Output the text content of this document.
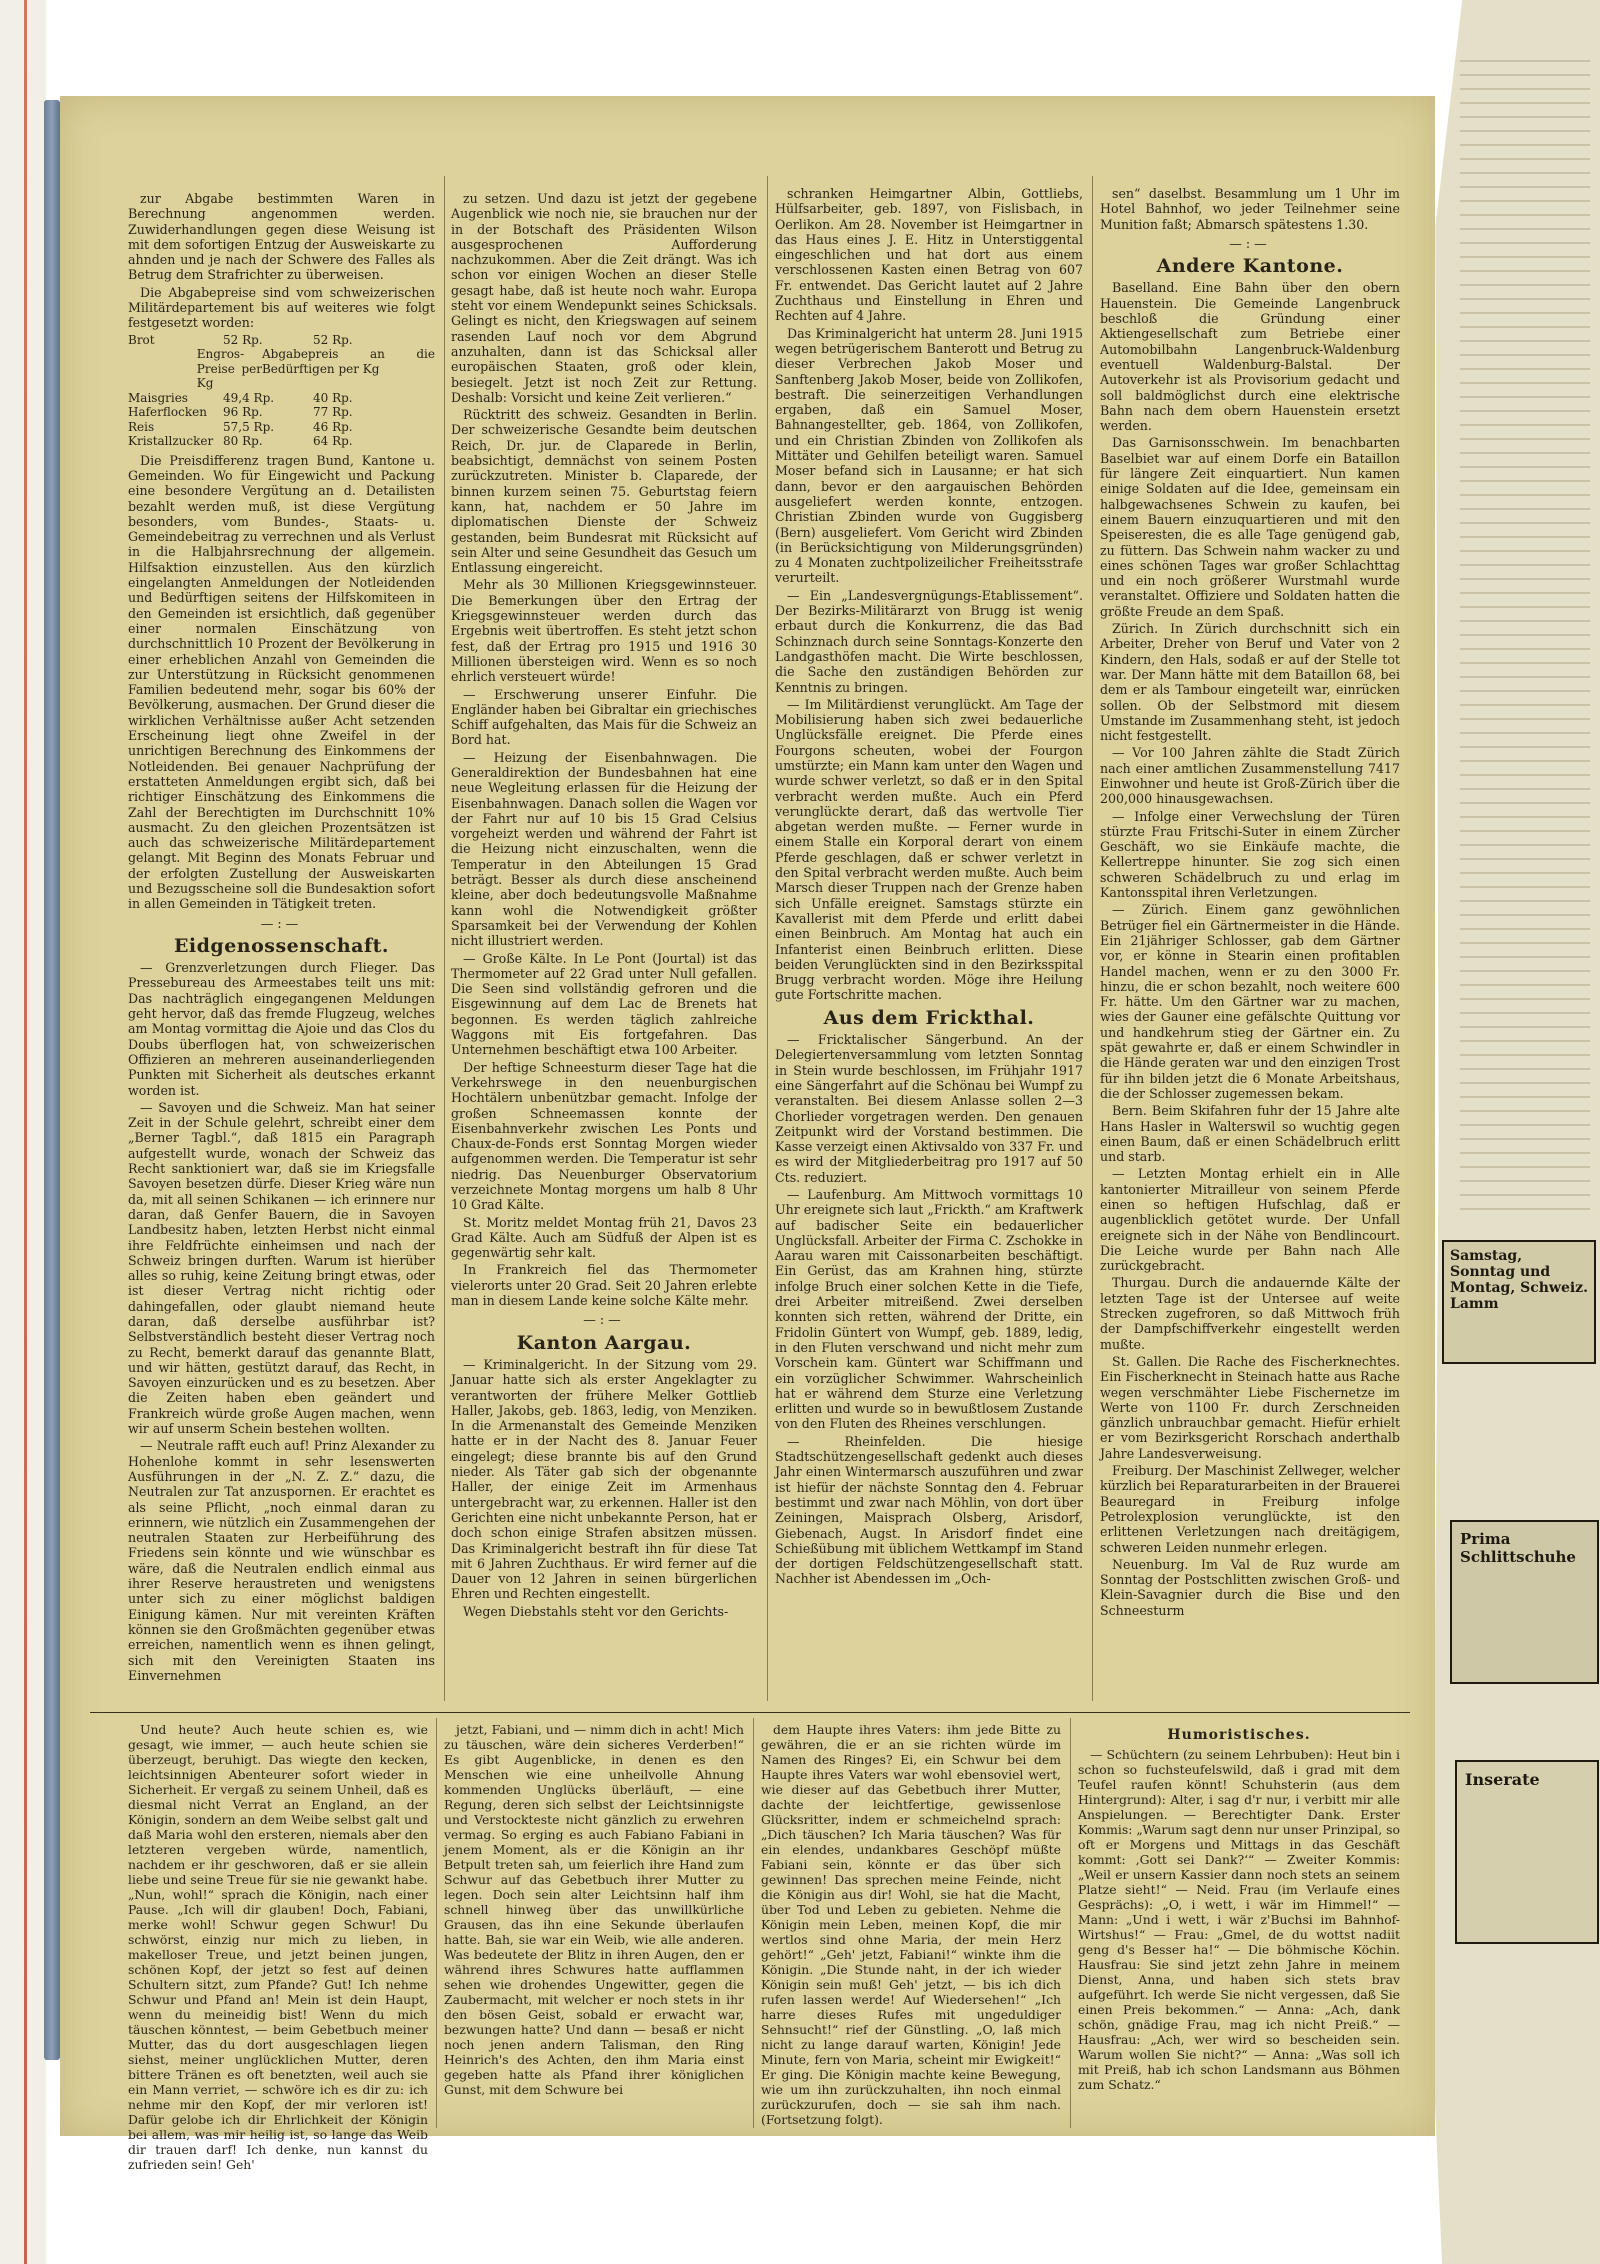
Samstag, Sonntag und Montag, Schweiz. Lamm
Prima Schlittschuhe
Inserate

zur Abgabe bestimmten Waren in Berechnung angenommen werden. Zuwiderhandlungen gegen diese Weisung ist mit dem sofortigen Entzug der Ausweiskarte zu ahnden und je nach der Schwere des Falles als Betrug dem Strafrichter zu überweisen.

Die Abgabepreise sind vom schweizerischen Militärdepartement bis auf weiteres wie folgt festgesetzt worden:

Brot	52 Rp.	52 Rp.
Engros-Preise per Kg
Abgabepreis an die Bedürftigen per Kg
Maisgries	49,4 Rp.	40 Rp.
Haferflocken	96 Rp.	77 Rp.
Reis	57,5 Rp.	46 Rp.
Kristallzucker 80 Rp.	64 Rp.

Die Preisdifferenz tragen Bund, Kantone u. Gemeinden. Wo für Eingewicht und Packung eine besondere Vergütung an d. Detailisten bezahlt werden muß, ist diese Vergütung besonders, vom Bundes-, Staats- u. Gemeindebeitrag zu verrechnen und als Verlust in die Halbjahrsrechnung der allgemein. Hilfsaktion einzustellen. Aus den kürzlich eingelangten Anmeldungen der Notleidenden und Bedürftigen seitens der Hilfskomiteen in den Gemeinden ist ersichtlich, daß gegenüber einer normalen Einschätzung von durchschnittlich 10 Prozent der Bevölkerung in einer erheblichen Anzahl von Gemeinden die zur Unterstützung in Rücksicht genommenen Familien bedeutend mehr, sogar bis 60% der Bevölkerung, ausmachen. Der Grund dieser die wirklichen Verhältnisse außer Acht setzenden Erscheinung liegt ohne Zweifel in der unrichtigen Berechnung des Einkommens der Notleidenden. Bei genauer Nachprüfung der erstatteten Anmeldungen ergibt sich, daß bei richtiger Einschätzung des Einkommens die Zahl der Berechtigten im Durchschnitt 10% ausmacht. Zu den gleichen Prozentsätzen ist auch das schweizerische Militärdepartement gelangt. Mit Beginn des Monats Februar und der erfolgten Zustellung der Ausweiskarten und Bezugsscheine soll die Bundesaktion sofort in allen Gemeinden in Tätigkeit treten.

—:—

Eidgenossenschaft.

— Grenzverletzungen durch Flieger. Das Pressebureau des Armeestabes teilt uns mit: Das nachträglich eingegangenen Meldungen geht hervor, daß das fremde Flugzeug, welches am Montag vormittag die Ajoie und das Clos du Doubs überflogen hat, von schweizerischen Offizieren an mehreren auseinanderliegenden Punkten mit Sicherheit als deutsches erkannt worden ist.

— Savoyen und die Schweiz. Man hat seiner Zeit in der Schule gelehrt, schreibt einer dem „Berner Tagbl.“, daß 1815 ein Paragraph aufgestellt wurde, wonach der Schweiz das Recht sanktioniert war, daß sie im Kriegsfalle Savoyen besetzen dürfe. Dieser Krieg wäre nun da, mit all seinen Schikanen — ich erinnere nur daran, daß Genfer Bauern, die in Savoyen Landbesitz haben, letzten Herbst nicht einmal ihre Feldfrüchte einheimsen und nach der Schweiz bringen durften. Warum ist hierüber alles so ruhig, keine Zeitung bringt etwas, oder ist dieser Vertrag nicht richtig oder dahingefallen, oder glaubt niemand heute daran, daß derselbe ausführbar ist? Selbstverständlich besteht dieser Vertrag noch zu Recht, bemerkt darauf das genannte Blatt, und wir hätten, gestützt darauf, das Recht, in Savoyen einzurücken und es zu besetzen. Aber die Zeiten haben eben geändert und Frankreich würde große Augen machen, wenn wir auf unserm Schein bestehen wollten.

— Neutrale rafft euch auf! Prinz Alexander zu Hohenlohe kommt in sehr lesenswerten Ausführungen in der „N. Z. Z.“ dazu, die Neutralen zur Tat anzuspornen. Er erachtet es als seine Pflicht, „noch einmal daran zu erinnern, wie nützlich ein Zusammengehen der neutralen Staaten zur Herbeiführung des Friedens sein könnte und wie wünschbar es wäre, daß die Neutralen endlich einmal aus ihrer Reserve heraustreten und wenigstens unter sich zu einer möglichst baldigen Einigung kämen. Nur mit vereinten Kräften können sie den Großmächten gegenüber etwas erreichen, namentlich wenn es ihnen gelingt, sich mit den Vereinigten Staaten ins Einvernehmen

zu setzen. Und dazu ist jetzt der gegebene Augenblick wie noch nie, sie brauchen nur der in der Botschaft des Präsidenten Wilson ausgesprochenen Aufforderung nachzukommen. Aber die Zeit drängt. Was ich schon vor einigen Wochen an dieser Stelle gesagt habe, daß ist heute noch wahr. Europa steht vor einem Wendepunkt seines Schicksals. Gelingt es nicht, den Kriegswagen auf seinem rasenden Lauf noch vor dem Abgrund anzuhalten, dann ist das Schicksal aller europäischen Staaten, groß oder klein, besiegelt. Jetzt ist noch Zeit zur Rettung. Deshalb: Vorsicht und keine Zeit verlieren.“

Rücktritt des schweiz. Gesandten in Berlin. Der schweizerische Gesandte beim deutschen Reich, Dr. jur. de Claparede in Berlin, beabsichtigt, demnächst von seinem Posten zurückzutreten. Minister b. Claparede, der binnen kurzem seinen 75. Geburtstag feiern kann, hat, nachdem er 50 Jahre im diplomatischen Dienste der Schweiz gestanden, beim Bundesrat mit Rücksicht auf sein Alter und seine Gesundheit das Gesuch um Entlassung eingereicht.

Mehr als 30 Millionen Kriegsgewinnsteuer. Die Bemerkungen über den Ertrag der Kriegsgewinnsteuer werden durch das Ergebnis weit übertroffen. Es steht jetzt schon fest, daß der Ertrag pro 1915 und 1916 30 Millionen übersteigen wird. Wenn es so noch ehrlich versteuert würde!

— Erschwerung unserer Einfuhr. Die Engländer haben bei Gibraltar ein griechisches Schiff aufgehalten, das Mais für die Schweiz an Bord hat.

— Heizung der Eisenbahnwagen. Die Generaldirektion der Bundesbahnen hat eine neue Wegleitung erlassen für die Heizung der Eisenbahnwagen. Danach sollen die Wagen vor der Fahrt nur auf 10 bis 15 Grad Celsius vorgeheizt werden und während der Fahrt ist die Heizung nicht einzuschalten, wenn die Temperatur in den Abteilungen 15 Grad beträgt. Besser als durch diese anscheinend kleine, aber doch bedeutungsvolle Maßnahme kann wohl die Notwendigkeit größter Sparsamkeit bei der Verwendung der Kohlen nicht illustriert werden.

— Große Kälte. In Le Pont (Jourtal) ist das Thermometer auf 22 Grad unter Null gefallen. Die Seen sind vollständig gefroren und die Eisgewinnung auf dem Lac de Brenets hat begonnen. Es werden täglich zahlreiche Waggons mit Eis fortgefahren. Das Unternehmen beschäftigt etwa 100 Arbeiter.

Der heftige Schneesturm dieser Tage hat die Verkehrswege in den neuenburgischen Hochtälern unbenützbar gemacht. Infolge der großen Schneemassen konnte der Eisenbahnverkehr zwischen Les Ponts und Chaux-de-Fonds erst Sonntag Morgen wieder aufgenommen werden. Die Temperatur ist sehr niedrig. Das Neuenburger Observatorium verzeichnete Montag morgens um halb 8 Uhr 10 Grad Kälte.

St. Moritz meldet Montag früh 21, Davos 23 Grad Kälte. Auch am Südfuß der Alpen ist es gegenwärtig sehr kalt.

In Frankreich fiel das Thermometer vielerorts unter 20 Grad. Seit 20 Jahren erlebte man in diesem Lande keine solche Kälte mehr.

—:—

Kanton Aargau.

— Kriminalgericht. In der Sitzung vom 29. Januar hatte sich als erster Angeklagter zu verantworten der frühere Melker Gottlieb Haller, Jakobs, geb. 1863, ledig, von Menziken. In die Armenanstalt des Gemeinde Menziken hatte er in der Nacht des 8. Januar Feuer eingelegt; diese brannte bis auf den Grund nieder. Als Täter gab sich der obgenannte Haller, der einige Zeit im Armenhaus untergebracht war, zu erkennen. Haller ist den Gerichten eine nicht unbekannte Person, hat er doch schon einige Strafen absitzen müssen. Das Kriminalgericht bestraft ihn für diese Tat mit 6 Jahren Zuchthaus. Er wird ferner auf die Dauer von 12 Jahren in seinen bürgerlichen Ehren und Rechten eingestellt.

Wegen Diebstahls steht vor den Gerichts-

schranken Heimgartner Albin, Gottliebs, Hülfsarbeiter, geb. 1897, von Fislisbach, in Oerlikon. Am 28. November ist Heimgartner in das Haus eines J. E. Hitz in Unterstiggental eingeschlichen und hat dort aus einem verschlossenen Kasten einen Betrag von 607 Fr. entwendet. Das Gericht lautet auf 2 Jahre Zuchthaus und Einstellung in Ehren und Rechten auf 4 Jahre.

Das Kriminalgericht hat unterm 28. Juni 1915 wegen betrügerischem Banterott und Betrug zu dieser Verbrechen Jakob Moser und Sanftenberg Jakob Moser, beide von Zollikofen, bestraft. Die seinerzeitigen Verhandlungen ergaben, daß ein Samuel Moser, Bahnangestellter, geb. 1864, von Zollikofen, und ein Christian Zbinden von Zollikofen als Mittäter und Gehilfen beteiligt waren. Samuel Moser befand sich in Lausanne; er hat sich dann, bevor er den aargauischen Behörden ausgeliefert werden konnte, entzogen. Christian Zbinden wurde von Guggisberg (Bern) ausgeliefert. Vom Gericht wird Zbinden (in Berücksichtigung von Milderungsgründen) zu 4 Monaten zuchtpolizeilicher Freiheitsstrafe verurteilt.

— Ein „Landesvergnügungs-Etablissement“. Der Bezirks-Militärarzt von Brugg ist wenig erbaut durch die Konkurrenz, die das Bad Schinznach durch seine Sonntags-Konzerte den Landgasthöfen macht. Die Wirte beschlossen, die Sache den zuständigen Behörden zur Kenntnis zu bringen.

— Im Militärdienst verunglückt. Am Tage der Mobilisierung haben sich zwei bedauerliche Unglücksfälle ereignet. Die Pferde eines Fourgons scheuten, wobei der Fourgon umstürzte; ein Mann kam unter den Wagen und wurde schwer verletzt, so daß er in den Spital verbracht werden mußte. Auch ein Pferd verunglückte derart, daß das wertvolle Tier abgetan werden mußte. — Ferner wurde in einem Stalle ein Korporal derart von einem Pferde geschlagen, daß er schwer verletzt in den Spital verbracht werden mußte. Auch beim Marsch dieser Truppen nach der Grenze haben sich Unfälle ereignet. Samstags stürzte ein Kavallerist mit dem Pferde und erlitt dabei einen Beinbruch. Am Montag hat auch ein Infanterist einen Beinbruch erlitten. Diese beiden Verunglückten sind in den Bezirksspital Brugg verbracht worden. Möge ihre Heilung gute Fortschritte machen.

Aus dem Frickthal.

— Fricktalischer Sängerbund. An der Delegiertenversammlung vom letzten Sonntag in Stein wurde beschlossen, im Frühjahr 1917 eine Sängerfahrt auf die Schönau bei Wumpf zu veranstalten. Bei diesem Anlasse sollen 2—3 Chorlieder vorgetragen werden. Den genauen Zeitpunkt wird der Vorstand bestimmen. Die Kasse verzeigt einen Aktivsaldo von 337 Fr. und es wird der Mitgliederbeitrag pro 1917 auf 50 Cts. reduziert.

— Laufenburg. Am Mittwoch vormittags 10 Uhr ereignete sich laut „Frickth.“ am Kraftwerk auf badischer Seite ein bedauerlicher Unglücksfall. Arbeiter der Firma C. Zschokke in Aarau waren mit Caissonarbeiten beschäftigt. Ein Gerüst, das am Krahnen hing, stürzte infolge Bruch einer solchen Kette in die Tiefe, drei Arbeiter mitreißend. Zwei derselben konnten sich retten, während der Dritte, ein Fridolin Güntert von Wumpf, geb. 1889, ledig, in den Fluten verschwand und nicht mehr zum Vorschein kam. Güntert war Schiffmann und ein vorzüglicher Schwimmer. Wahrscheinlich hat er während dem Sturze eine Verletzung erlitten und wurde so in bewußtlosem Zustande von den Fluten des Rheines verschlungen.

— Rheinfelden. Die hiesige Stadtschützengesellschaft gedenkt auch dieses Jahr einen Wintermarsch auszuführen und zwar ist hiefür der nächste Sonntag den 4. Februar bestimmt und zwar nach Möhlin, von dort über Zeiningen, Maisprach Olsberg, Arisdorf, Giebenach, Augst. In Arisdorf findet eine Schießübung mit üblichem Wettkampf im Stand der dortigen Feldschützengesellschaft statt. Nachher ist Abendessen im „Och-

sen“ daselbst. Besammlung um 1 Uhr im Hotel Bahnhof, wo jeder Teilnehmer seine Munition faßt; Abmarsch spätestens 1.30.

—:—

Andere Kantone.

Baselland. Eine Bahn über den obern Hauenstein. Die Gemeinde Langenbruck beschloß die Gründung einer Aktiengesellschaft zum Betriebe einer Automobilbahn Langenbruck-Waldenburg eventuell Waldenburg-Balstal. Der Autoverkehr ist als Provisorium gedacht und soll baldmöglichst durch eine elektrische Bahn nach dem obern Hauenstein ersetzt werden.

Das Garnisonsschwein. Im benachbarten Baselbiet war auf einem Dorfe ein Bataillon für längere Zeit einquartiert. Nun kamen einige Soldaten auf die Idee, gemeinsam ein halbgewachsenes Schwein zu kaufen, bei einem Bauern einzuquartieren und mit den Speiseresten, die es alle Tage genügend gab, zu füttern. Das Schwein nahm wacker zu und eines schönen Tages war großer Schlachttag und ein noch größerer Wurstmahl wurde veranstaltet. Offiziere und Soldaten hatten die größte Freude an dem Spaß.

Zürich. In Zürich durchschnitt sich ein Arbeiter, Dreher von Beruf und Vater von 2 Kindern, den Hals, sodaß er auf der Stelle tot war. Der Mann hätte mit dem Bataillon 68, bei dem er als Tambour eingeteilt war, einrücken sollen. Ob der Selbstmord mit diesem Umstande im Zusammenhang steht, ist jedoch nicht festgestellt.

— Vor 100 Jahren zählte die Stadt Zürich nach einer amtlichen Zusammenstellung 7417 Einwohner und heute ist Groß-Zürich über die 200,000 hinausgewachsen.

— Infolge einer Verwechslung der Türen stürzte Frau Fritschi-Suter in einem Zürcher Geschäft, wo sie Einkäufe machte, die Kellertreppe hinunter. Sie zog sich einen schweren Schädelbruch zu und erlag im Kantonsspital ihren Verletzungen.

— Zürich. Einem ganz gewöhnlichen Betrüger fiel ein Gärtnermeister in die Hände. Ein 21jähriger Schlosser, gab dem Gärtner vor, er könne in Stearin einen profitablen Handel machen, wenn er zu den 3000 Fr. hinzu, die er schon bezahlt, noch weitere 600 Fr. hätte. Um den Gärtner war zu machen, wies der Gauner eine gefälschte Quittung vor und handkehrum stieg der Gärtner ein. Zu spät gewahrte er, daß er einem Schwindler in die Hände geraten war und den einzigen Trost für ihn bilden jetzt die 6 Monate Arbeitshaus, die der Schlosser zugemessen bekam.

Bern. Beim Skifahren fuhr der 15 Jahre alte Hans Hasler in Walterswil so wuchtig gegen einen Baum, daß er einen Schädelbruch erlitt und starb.

— Letzten Montag erhielt ein in Alle kantonierter Mitrailleur von seinem Pferde einen so heftigen Hufschlag, daß er augenblicklich getötet wurde. Der Unfall ereignete sich in der Nähe von Bendlincourt. Die Leiche wurde per Bahn nach Alle zurückgebracht.

Thurgau. Durch die andauernde Kälte der letzten Tage ist der Untersee auf weite Strecken zugefroren, so daß Mittwoch früh der Dampfschiffverkehr eingestellt werden mußte.

St. Gallen. Die Rache des Fischerknechtes. Ein Fischerknecht in Steinach hatte aus Rache wegen verschmähter Liebe Fischernetze im Werte von 1100 Fr. durch Zerschneiden gänzlich unbrauchbar gemacht. Hiefür erhielt er vom Bezirksgericht Rorschach anderthalb Jahre Landesverweisung.

Freiburg. Der Maschinist Zellweger, welcher kürzlich bei Reparaturarbeiten in der Brauerei Beauregard in Freiburg infolge Petrolexplosion verunglückte, ist den erlittenen Verletzungen nach dreitägigem, schweren Leiden nunmehr erlegen.

Neuenburg. Im Val de Ruz wurde am Sonntag der Postschlitten zwischen Groß- und Klein-Savagnier durch die Bise und den Schneesturm

Und heute? Auch heute schien es, wie gesagt, wie immer, — auch heute schien sie überzeugt, beruhigt. Das wiegte den kecken, leichtsinnigen Abenteurer sofort wieder in Sicherheit. Er vergaß zu seinem Unheil, daß es diesmal nicht Verrat an England, an der Königin, sondern an dem Weibe selbst galt und daß Maria wohl den ersteren, niemals aber den letzteren vergeben würde, namentlich, nachdem er ihr geschworen, daß er sie allein liebe und seine Treue für sie nie gewankt habe. „Nun, wohl!“ sprach die Königin, nach einer Pause. „Ich will dir glauben! Doch, Fabiani, merke wohl! Schwur gegen Schwur! Du schwörst, einzig nur mich zu lieben, in makelloser Treue, und jetzt beinen jungen, schönen Kopf, der jetzt so fest auf deinen Schultern sitzt, zum Pfande? Gut! Ich nehme Schwur und Pfand an! Mein ist dein Haupt, wenn du meineidig bist! Wenn du mich täuschen könntest, — beim Gebetbuch meiner Mutter, das du dort ausgeschlagen liegen siehst, meiner unglücklichen Mutter, deren bittere Tränen es oft benetzten, weil auch sie ein Mann verriet, — schwöre ich es dir zu: ich nehme mir den Kopf, der mir verloren ist! Dafür gelobe ich dir Ehrlichkeit der Königin bei allem, was mir heilig ist, so lange das Weib dir trauen darf! Ich denke, nun kannst du zufrieden sein! Geh'

jetzt, Fabiani, und — nimm dich in acht! Mich zu täuschen, wäre dein sicheres Verderben!“ Es gibt Augenblicke, in denen es den Menschen wie eine unheilvolle Ahnung kommenden Unglücks überläuft, — eine Regung, deren sich selbst der Leichtsinnigste und Verstockteste nicht gänzlich zu erwehren vermag. So erging es auch Fabiano Fabiani in jenem Moment, als er die Königin an ihr Betpult treten sah, um feierlich ihre Hand zum Schwur auf das Gebetbuch ihrer Mutter zu legen. Doch sein alter Leichtsinn half ihm schnell hinweg über das unwillkürliche Grausen, das ihn eine Sekunde überlaufen hatte. Bah, sie war ein Weib, wie alle anderen. Was bedeutete der Blitz in ihren Augen, den er während ihres Schwures hatte aufflammen sehen wie drohendes Ungewitter, gegen die Zaubermacht, mit welcher er noch stets in ihr den bösen Geist, sobald er erwacht war, bezwungen hatte? Und dann — besaß er nicht noch jenen andern Talisman, den Ring Heinrich's des Achten, den ihm Maria einst gegeben hatte als Pfand ihrer königlichen Gunst, mit dem Schwure bei

dem Haupte ihres Vaters: ihm jede Bitte zu gewähren, die er an sie richten würde im Namen des Ringes? Ei, ein Schwur bei dem Haupte ihres Vaters war wohl ebensoviel wert, wie dieser auf das Gebetbuch ihrer Mutter, dachte der leichtfertige, gewissenlose Glücksritter, indem er schmeichelnd sprach: „Dich täuschen? Ich Maria täuschen? Was für ein elendes, undankbares Geschöpf müßte Fabiani sein, könnte er das über sich gewinnen! Das sprechen meine Feinde, nicht die Königin aus dir! Wohl, sie hat die Macht, über Tod und Leben zu gebieten. Nehme die Königin mein Leben, meinen Kopf, die mir wertlos sind ohne Maria, der mein Herz gehört!“ „Geh' jetzt, Fabiani!“ winkte ihm die Königin. „Die Stunde naht, in der ich wieder Königin sein muß! Geh' jetzt, — bis ich dich rufen lassen werde! Auf Wiedersehen!“ „Ich harre dieses Rufes mit ungeduldiger Sehnsucht!“ rief der Günstling. „O, laß mich nicht zu lange darauf warten, Königin! Jede Minute, fern von Maria, scheint mir Ewigkeit!“ Er ging. Die Königin machte keine Bewegung, wie um ihn zurückzuhalten, ihn noch einmal zurückzurufen, doch — sie sah ihm nach. (Fortsetzung folgt).

Humoristisches.

— Schüchtern (zu seinem Lehrbuben): Heut bin i schon so fuchsteufelswild, daß i grad mit dem Teufel raufen könnt! Schuhsterin (aus dem Hintergrund): Alter, i sag d'r nur, i verbitt mir alle Anspielungen. — Berechtigter Dank. Erster Kommis: „Warum sagt denn nur unser Prinzipal, so oft er Morgens und Mittags in das Geschäft kommt: ‚Gott sei Dank?‘“ — Zweiter Kommis: „Weil er unsern Kassier dann noch stets an seinem Platze sieht!“ — Neid. Frau (im Verlaufe eines Gesprächs): „O, i wett, i wär im Himmel!“ — Mann: „Und i wett, i wär z'Buchsi im Bahnhof-Wirtshus!“ — Frau: „Gmel, de du wottst nadiit geng d's Besser ha!“ — Die böhmische Köchin. Hausfrau: Sie sind jetzt zehn Jahre in meinem Dienst, Anna, und haben sich stets brav aufgeführt. Ich werde Sie nicht vergessen, daß Sie einen Preis bekommen.“ — Anna: „Ach, dank schön, gnädige Frau, mag ich nicht Preiß.“ — Hausfrau: „Ach, wer wird so bescheiden sein. Warum wollen Sie nicht?“ — Anna: „Was soll ich mit Preiß, hab ich schon Landsmann aus Böhmen zum Schatz.“
